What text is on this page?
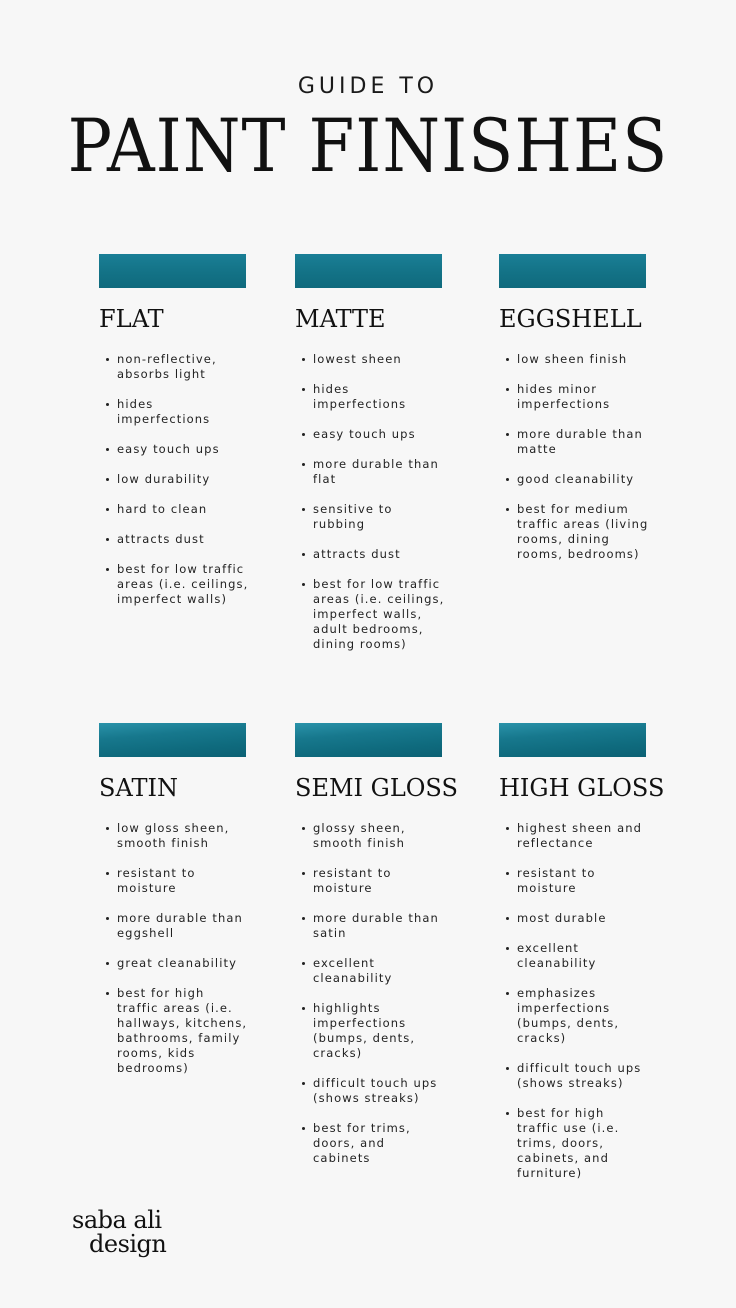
GUIDE TO
PAINT FINISHES
FLAT
non-reflective, absorbs light
hides imperfections
easy touch ups
low durability
hard to clean
attracts dust
best for low traffic areas (i.e. ceilings, imperfect walls)
MATTE
lowest sheen
hides imperfections
easy touch ups
more durable than flat
sensitive to rubbing
attracts dust
best for low traffic areas (i.e. ceilings, imperfect walls, adult bedrooms, dining rooms)
EGGSHELL
low sheen finish
hides minor imperfections
more durable than matte
good cleanability
best for medium traffic areas (living rooms, dining rooms, bedrooms)
SATIN
low gloss sheen, smooth finish
resistant to moisture
more durable than eggshell
great cleanability
best for high traffic areas (i.e. hallways, kitchens, bathrooms, family rooms, kids bedrooms)
SEMI GLOSS
glossy sheen, smooth finish
resistant to moisture
more durable than satin
excellent cleanability
highlights imperfections (bumps, dents, cracks)
difficult touch ups (shows streaks)
best for trims, doors, and cabinets
HIGH GLOSS
highest sheen and reflectance
resistant to moisture
most durable
excellent cleanability
emphasizes imperfections (bumps, dents, cracks)
difficult touch ups (shows streaks)
best for high traffic use (i.e. trims, doors, cabinets, and furniture)
saba ali
design
